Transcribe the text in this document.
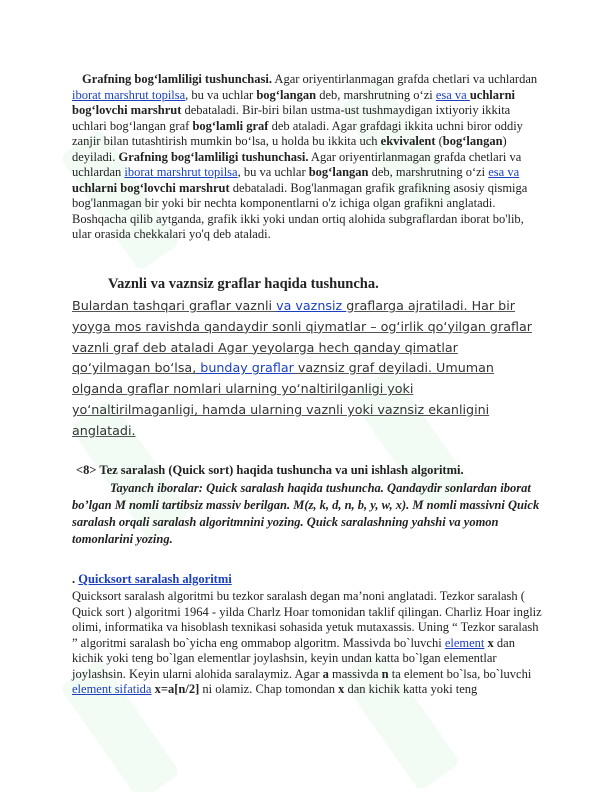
Grafning bog‘lamliligi tushunchasi. Agar oriyentirlanmagan grafda chetlari va uchlardan iborat marshrut topilsa, bu va uchlar bog‘langan deb, marshrutning o‘zi esa va uchlarni bog‘lovchi marshrut debataladi. Bir-biri bilan ustma-ust tushmaydigan ixtiyoriy ikkita uchlari bog‘langan graf bog‘lamli graf deb ataladi. Agar grafdagi ikkita uchni biror oddiy zanjir bilan tutashtirish mumkin bo‘lsa, u holda bu ikkita uch ekvivalent (bog‘langan) deyiladi. Grafning bog‘lamliligi tushunchasi. Agar oriyentirlanmagan grafda chetlari va uchlardan iborat marshrut topilsa, bu va uchlar bog‘langan deb, marshrutning o‘zi esa va uchlarni bog‘lovchi marshrut debataladi. Bog'lanmagan grafik grafikning asosiy qismiga bog'lanmagan bir yoki bir nechta komponentlarni o'z ichiga olgan grafikni anglatadi. Boshqacha qilib aytganda, grafik ikki yoki undan ortiq alohida subgraflardan iborat bo'lib, ular orasida chekkalari yo'q deb ataladi.
Vaznli va vaznsiz graflar haqida tushuncha.
Bulardan tashqari graflar vaznli va vaznsiz graflarga ajratiladi. Har bir yoyga mos ravishda qandaydir sonli qiymatlar – og‘irlik qo‘yilgan graflar vaznli graf deb ataladi Agar yeyolarga hech qanday qimatlar qo‘yilmagan bo‘lsa, bunday graflar vaznsiz graf deyiladi. Umuman olganda graflar nomlari ularning yo‘naltirilganligi yoki yo‘naltirilmaganligi, hamda ularning vaznli yoki vaznsiz ekanligini anglatadi.
<8> Tez saralash (Quick sort) haqida tushuncha va uni ishlash algoritmi.
Tayanch iboralar: Quick saralash haqida tushuncha. Qandaydir sonlardan iborat bo’lgan M nomli tartibsiz massiv berilgan. M(z, k, d, n, b, y, w, x). M nomli massivni Quick saralash orqali saralash algoritmnini yozing. Quick saralashning yahshi va yomon tomonlarini yozing.
. Quicksort saralash algoritmi
Quicksort saralash algoritmi bu tezkor saralash degan ma’noni anglatadi. Tezkor saralash ( Quick sort ) algoritmi 1964 - yilda Charlz Hoar tomonidan taklif qilingan. Charliz Hoar ingliz olimi, informatika va hisoblash texnikasi sohasida yetuk mutaxassis. Uning “ Tezkor saralash ” algoritmi saralash bo`yicha eng ommabop algoritm. Massivda bo`luvchi element x dan kichik yoki teng bo`lgan elementlar joylashsin, keyin undan katta bo`lgan elementlar joylashsin. Keyin ularni alohida saralaymiz. Agar a massivda n ta element bo`lsa, bo`luvchi element sifatida x=a[n/2] ni olamiz. Chap tomondan x dan kichik katta yoki teng
